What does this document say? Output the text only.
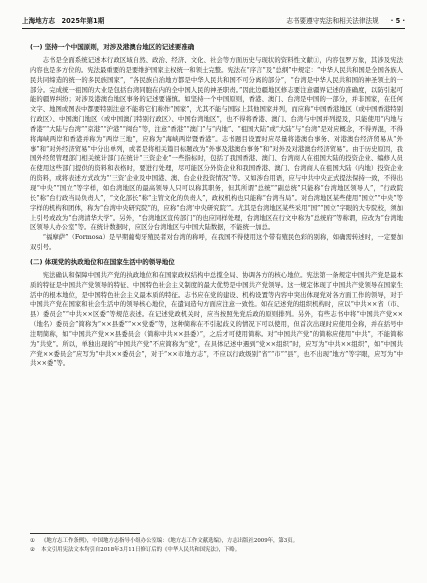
上海地方志　2025年第1期	志书要遵守宪法和相关法律法规 · 5 ·
(一) 坚持一个中国原则，对涉及港澳台地区的记述要准确

志书是全面系统记述本行政区域自然、政治、经济、文化、社会等方面历史与现状的资料性文献①，内容包罗万象，其涉及宪法内容也是多方位的。宪法最重要的是要维护国家主权统一和领土完整。宪法在“序言”及“总纲”中规定：“中华人民共和国是全国各族人民共同缔造的统一的多民族国家”，“各民族自治地方都是中华人民共和国不可分离的部分”，“台湾是中华人民共和国的神圣领土的一部分。完成统一祖国的大业是包括台湾同胞在内的全中国人民的神圣职责。”因此边疆地区修志要注意疆界记述的准确度，以防引起可能的疆界纠纷；对涉及港澳台地区事务的记述要谨慎。如坚持一个中国原则，香港、澳门、台湾是中国的一部分，并非国家，在任何文字、地图或图表中都要特别注意不能将它们称作“国家”，尤其不能与国际上其他国家并列，而应称“中国香港地区（或中国香港特别行政区）、中国澳门地区（或中国澳门特别行政区）、中国台湾地区”，也不得将香港、澳门、台湾与中国并列提及，只能使用“内地与香港”“大陆与台湾”“京港”“沪港”“闽台”等，注意“香港”“澳门”与“内地”、“祖国大陆”或“大陆”与“台湾”是对应概念，不得弄混，不得将海峡两岸和香港并称为“两岸三地”，应称为“海峡两岸暨香港”。志书题目设置时应尽量将港澳台事务、对港澳台经济贸易从“外事”和“对外经济贸易”中分出单列，或者是将相关篇目标题改为“外事及港澳台事务”和“对外及对港澳台经济贸易”。由于历史原因，我国外经贸管理部门相关统计部门在统计“三资企业”一些指标时，包括了我国香港、澳门、台湾商人在祖国大陆的投资企业、编修人员在使用这些部门提供的资料和表格时，要进行处理，尽可能区分外资企业和我国香港、澳门、台湾商人在祖国大陆（内地）投资企业的资料，或将表述方式改为“‘三资’企业及中国港、澳、台企业投资情况”等。又如涉台用语，应与中共中央正式提法保持一致，不得出现“中央”“国立”等字样，如台湾地区的最高领导人只可以称其职务，但其所谓“总统”“副总统”只能称“台湾地区领导人”，“行政院长”称“台行政当局负责人”，“文化部长”称“主管文化的负责人”，政权机构也只能称“台湾当局”。对台湾地区某些使用“国立”“中央”等字样的机构和团体，称为“台湾中央研究院”的，应称“台湾‘中央研究院’”。尤其是台湾地区某些采用“国”“国立”字眼的大专院校，须加上引号或改为“台湾清华大学”。另外，“台湾地区宣传部门”的也应同样处理，台湾地区在行文中称为“总统府”等称谓，应改为“台湾地区领导人办公室”等。在统计数据时，应区分台湾地区与中国大陆数据，不能统一加总。

“福摩萨”（Formosa）是早期葡萄牙殖民者对台湾的称呼，在我国不得使用这个带有殖民色彩的别称，如确需转述时，一定要加双引号。

(二) 体现党的执政地位和在国家生活中的领导地位

宪法确认和保障中国共产党的执政地位和在国家政权结构中总揽全局、协调各方的核心地位。宪法第一条规定中国共产党是最本质的特征是中国共产党领导的特征、中国特色社会主义制度的最大优势是中国共产党领导。这一规定体现了中国共产党领导在国家生活中的根本地位，是中国特色社会主义最本质的特征。志书应在党的建设、机构设置等内容中突出体现党对各方面工作的领导，对于中国共产党在国家和社会生活中的领导核心地位，在遣词造句方面应注意一致性。如在记述党的组织机构时，应以“中共××省（市、县）委员会”“中共××区委”等规范表述。在记述党政机关时，应当按照先党后政的原则排列。另外，有些志书中将“中国共产党××（地名）委员会”简称为“××县委”“××党委”等，这种简称在不引起歧义的情况下可以使用，但首次出现时应使用全称，并在括号中注明简称，如“中国共产党××县委员会（简称中共××县委）”，之后才可使用简称。对“中国共产党”的简称应使用“中共”，不能简称为“共党”。所以，单独出现的“中国共产党”不应简称为“党”，在具体记述中遇到“党××组织”时，应写为“中共××组织”，如“中国共产党××委员会”应写为“中共××委员会”，对于“××市地方志”，不应以行政级别“省”“市”“县”，也不出现“地方”等字眼，应写为“中共××委”等。

①	《地方志工作条例》，中国地方志指导小组办公室编：《地方志工作文献选编》，方志出版社2009年，第3页。
②	本文引用宪法文本均引自2018年3月11日修订后的《中华人民共和国宪法》，下略。
